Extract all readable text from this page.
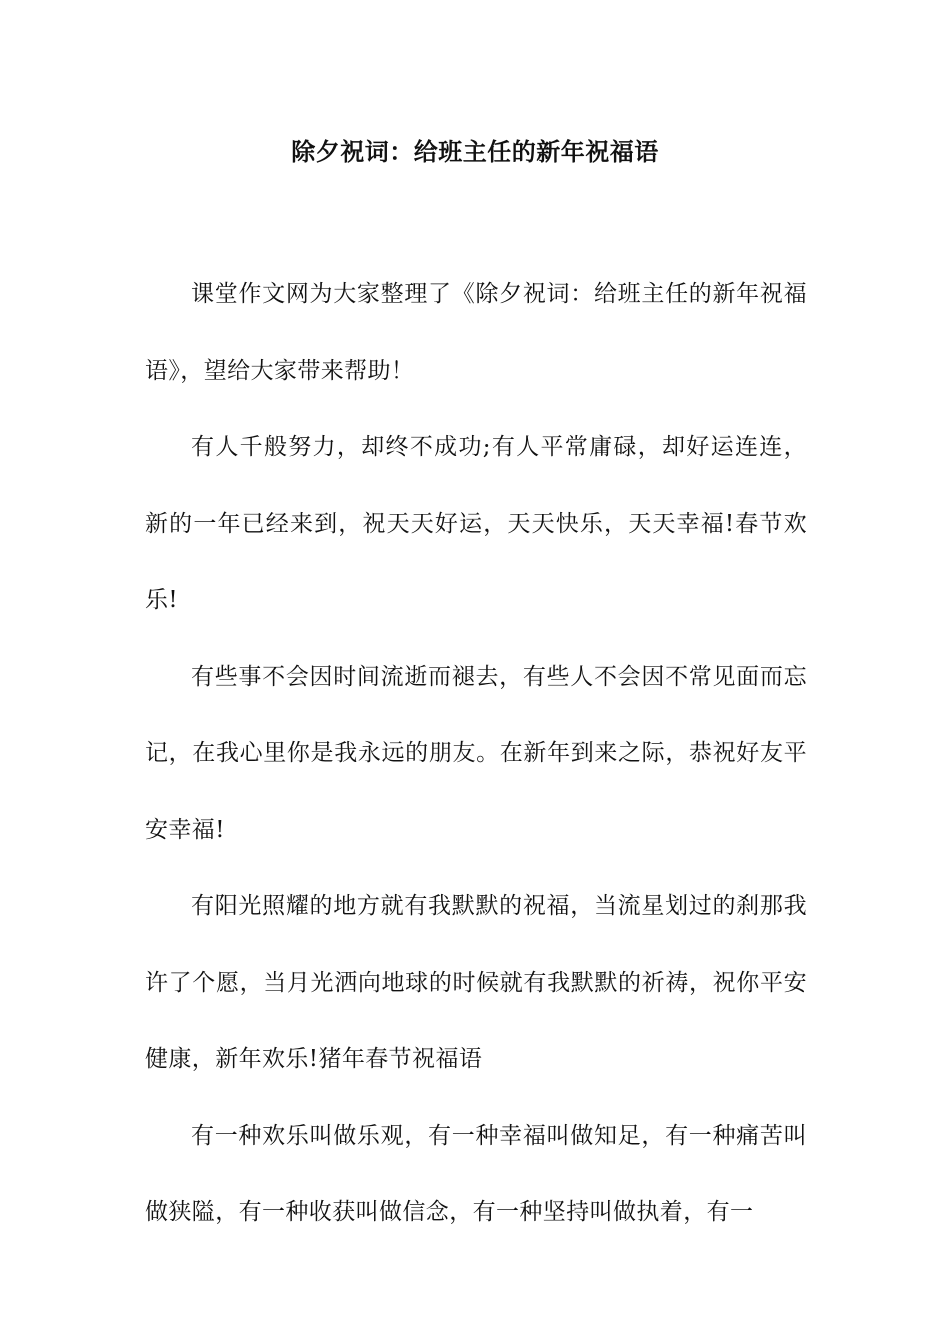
除夕祝词：给班主任的新年祝福语

课堂作文网为大家整理了《除夕祝词：给班主任的新年祝福语》，望给大家带来帮助！

有人千般努力，却终不成功;有人平常庸碌，却好运连连，新的一年已经来到，祝天天好运，天天快乐，天天幸福!春节欢乐!

有些事不会因时间流逝而褪去，有些人不会因不常见面而忘记，在我心里你是我永远的朋友。在新年到来之际，恭祝好友平安幸福!

有阳光照耀的地方就有我默默的祝福，当流星划过的刹那我许了个愿，当月光洒向地球的时候就有我默默的祈祷，祝你平安健康，新年欢乐!猪年春节祝福语

有一种欢乐叫做乐观，有一种幸福叫做知足，有一种痛苦叫做狭隘，有一种收获叫做信念，有一种坚持叫做执着，有一
